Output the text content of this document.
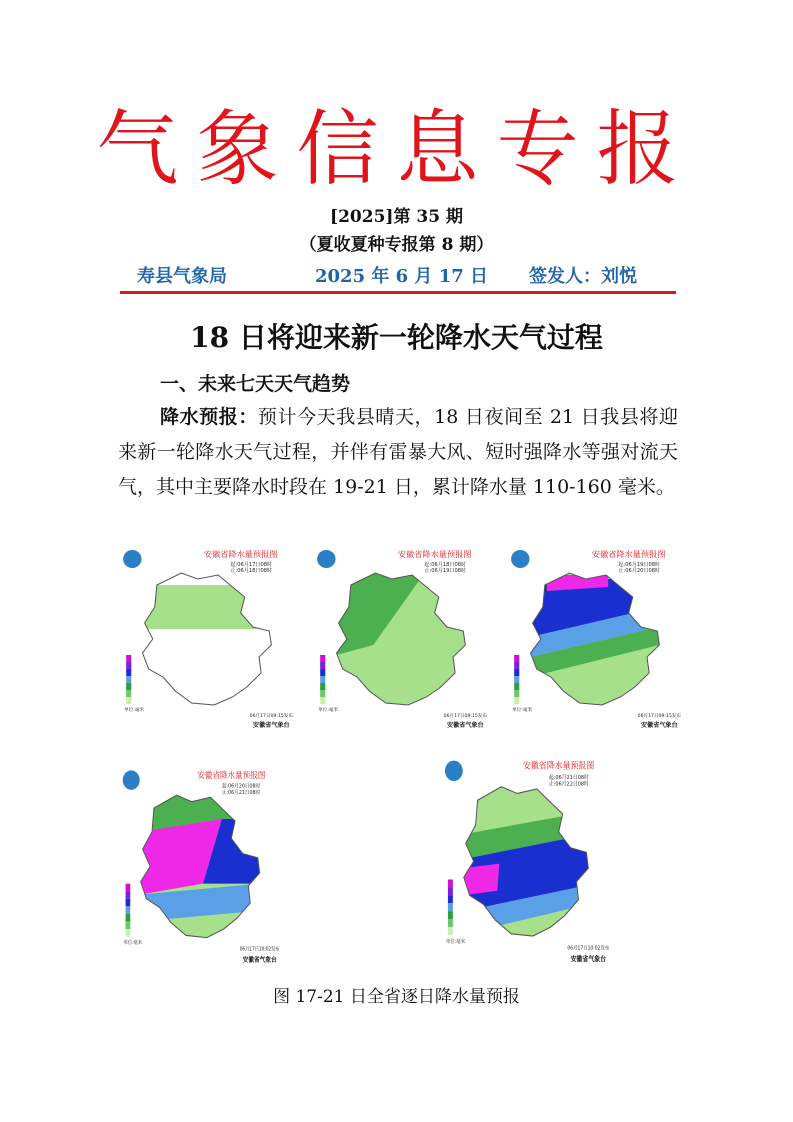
气象信息专报
[2025]第 35 期
（夏收夏种专报第 8 期）
寿县气象局	2025 年 6 月 17 日 签发人：刘悦
18 日将迎来新一轮降水天气过程
一、未来七天天气趋势
降水预报：预计今天我县晴天，18 日夜间至 21 日我县将迎来新一轮降水天气过程，并伴有雷暴大风、短时强降水等强对流天气，其中主要降水时段在 19-21 日，累计降水量 110-160 毫米。
安徽省降水量预报图
起:06月17日08时
止:06月18日08时
单位:毫米
06月17日09:15发布
安徽省气象台
安徽省降水量预报图
起:06月18日08时
止:06月19日08时
单位:毫米
06月17日09:15发布
安徽省气象台
安徽省降水量预报图
起:06月19日08时
止:06月20日08时
单位:毫米
06月17日09:15发布
安徽省气象台
安徽省降水量预报图
起:06月20日08时
止:06月21日08时
单位:毫米
06月17日10:02发布
安徽省气象台
安徽省降水量预报图
起:06月21日08时
止:06月22日08时
单位:毫米
06月17日10:02发布
安徽省气象台
图 17-21 日全省逐日降水量预报
